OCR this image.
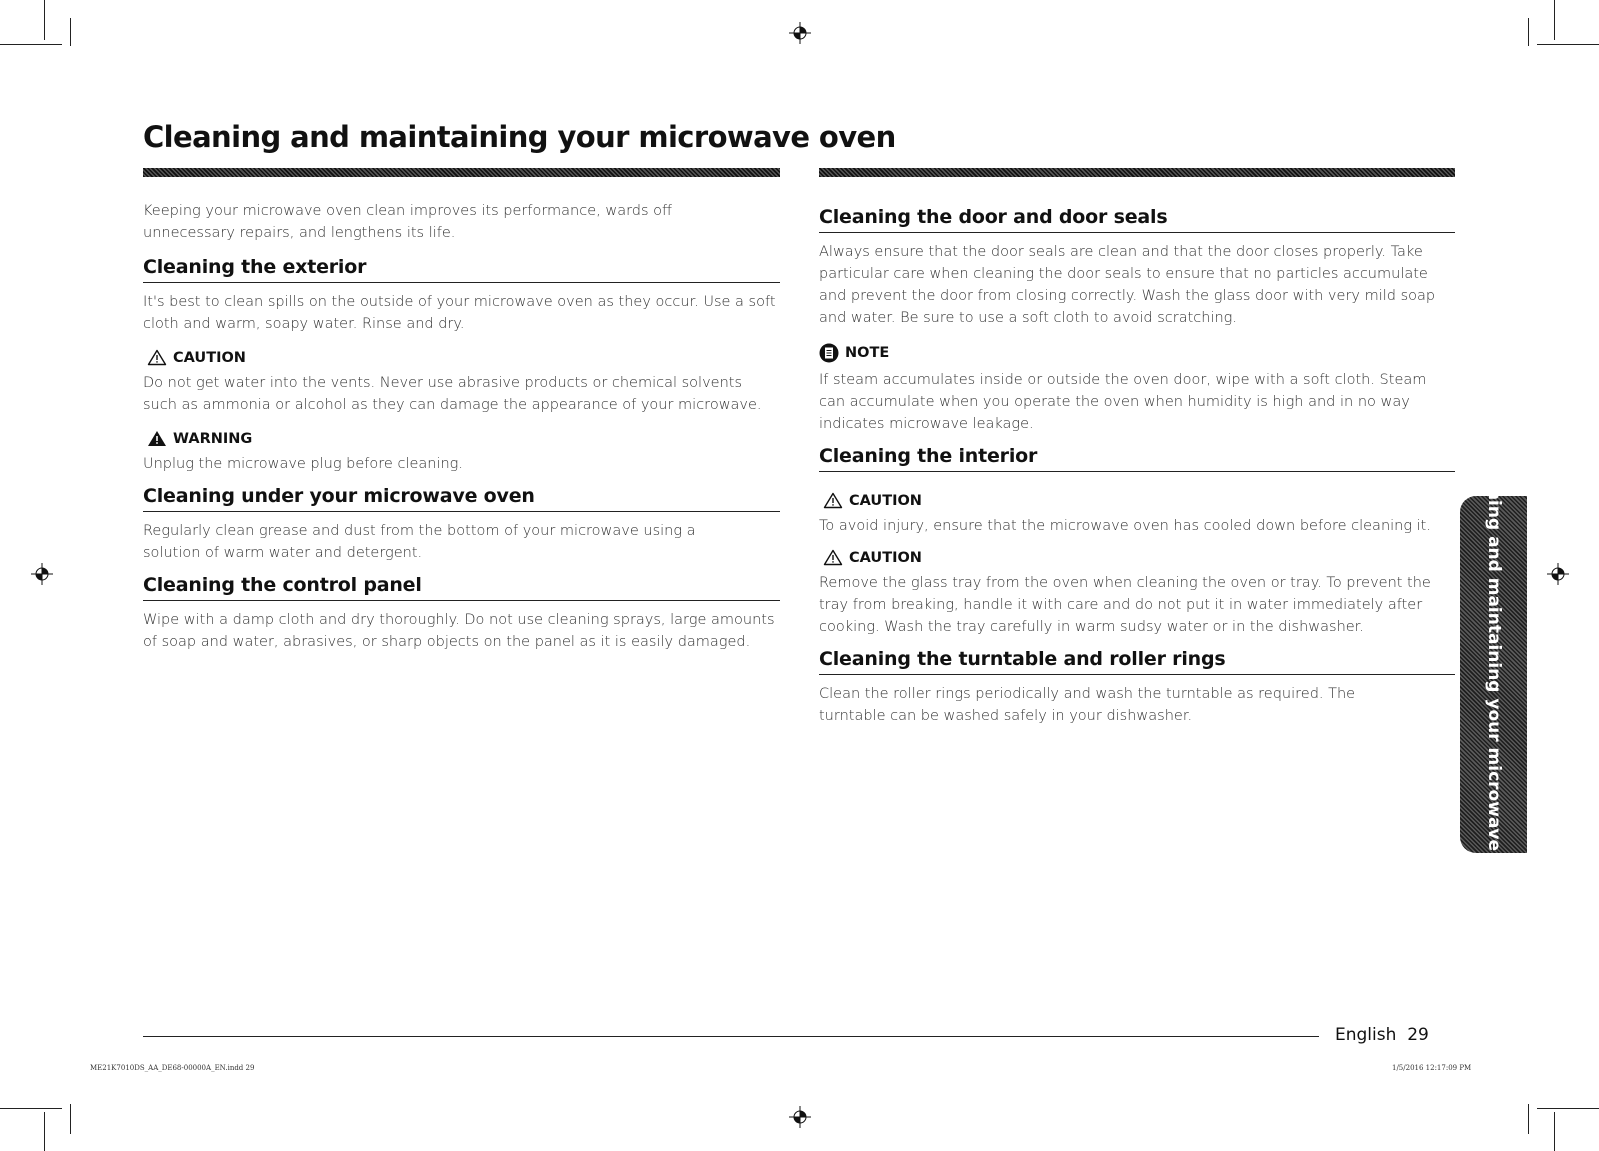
Cleaning and maintaining your microwave oven

Keeping your microwave oven clean improves its performance, wards off unnecessary repairs, and lengthens its life.

Cleaning the exterior

It's best to clean spills on the outside of your microwave oven as they occur. Use a soft cloth and warm, soapy water. Rinse and dry.

CAUTION

Do not get water into the vents. Never use abrasive products or chemical solvents such as ammonia or alcohol as they can damage the appearance of your microwave.

WARNING

Unplug the microwave plug before cleaning.

Cleaning under your microwave oven

Regularly clean grease and dust from the bottom of your microwave using a solution of warm water and detergent.

Cleaning the control panel

Wipe with a damp cloth and dry thoroughly. Do not use cleaning sprays, large amounts of soap and water, abrasives, or sharp objects on the panel as it is easily damaged.

Cleaning the door and door seals

Always ensure that the door seals are clean and that the door closes properly. Take particular care when cleaning the door seals to ensure that no particles accumulate and prevent the door from closing correctly. Wash the glass door with very mild soap and water. Be sure to use a soft cloth to avoid scratching.

NOTE

If steam accumulates inside or outside the oven door, wipe with a soft cloth. Steam can accumulate when you operate the oven when humidity is high and in no way indicates microwave leakage.

Cleaning the interior
CAUTION

To avoid injury, ensure that the microwave oven has cooled down before cleaning it.

CAUTION

Remove the glass tray from the oven when cleaning the oven or tray. To prevent the tray from breaking, handle it with care and do not put it in water immediately after cooking. Wash the tray carefully in warm sudsy water or in the dishwasher.

Cleaning the turntable and roller rings

Clean the roller rings periodically and wash the turntable as required. The turntable can be washed safely in your dishwasher.	Cleaning and maintaining your microwave oven
English 29
ME21K7010DS_AA_DE68-00000A_EN.indd 29	1/5/2016 12:17:09 PM
